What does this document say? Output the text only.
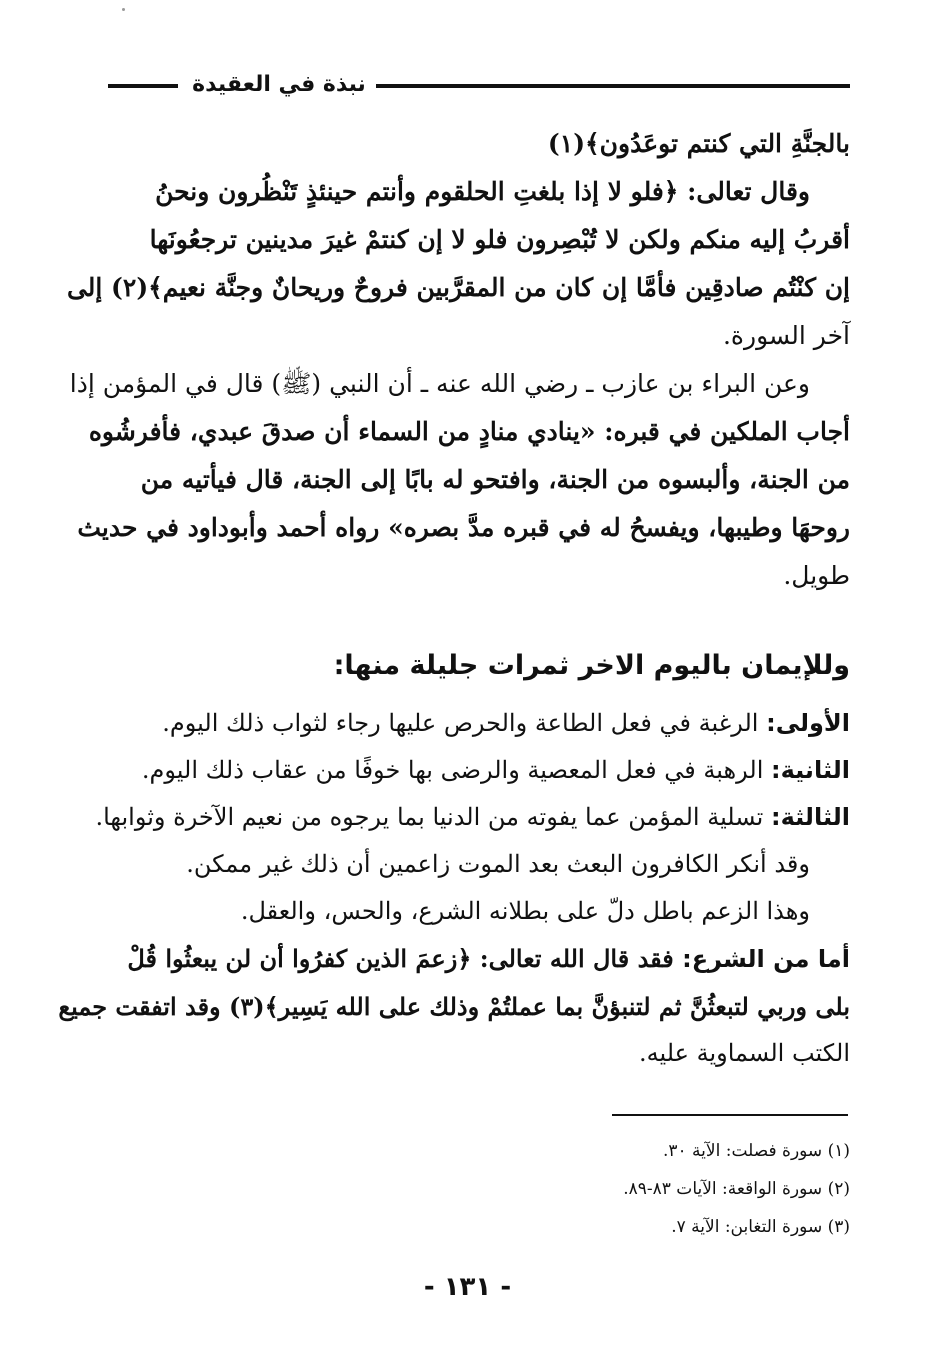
نبذة في العقيدة
بالجنَّةِ التي كنتم توعَدُون﴾(١)
وقال تعالى: ﴿فلو لا إذا بلغتِ الحلقوم وأنتم حينئذٍ تَنْظُرون ونحنُ
أقربُ إليه منكم ولكن لا تُبْصِرون فلو لا إن كنتمْ غيرَ مدينين ترجعُونَها
إن كنْتُم صادقِين فأمَّا إن كان من المقرَّبين فروحٌ وريحانٌ وجنَّة نعيم﴾(٢) إلى
آخر السورة.
وعن البراء بن عازب ـ رضي الله عنه ـ أن النبي (ﷺ) قال في المؤمن إذا
أجاب الملكين في قبره: «ينادي منادٍ من السماء أن صدقَ عبدي، فأفرشُوه
من الجنة، وألبسوه من الجنة، وافتحو له بابًا إلى الجنة، قال فيأتيه من
روحهَا وطيبها، ويفسحُ له في قبره مدَّ بصره» رواه أحمد وأبوداود في حديث
طويل.
وللإيمان باليوم الاخر ثمرات جليلة منها:
الأولى: الرغبة في فعل الطاعة والحرص عليها رجاء لثواب ذلك اليوم.
الثانية: الرهبة في فعل المعصية والرضى بها خوفًا من عقاب ذلك اليوم.
الثالثة: تسلية المؤمن عما يفوته من الدنيا بما يرجوه من نعيم الآخرة وثوابها.
وقد أنكر الكافرون البعث بعد الموت زاعمين أن ذلك غير ممكن.
وهذا الزعم باطل دلّ على بطلانه الشرع، والحس، والعقل.
أما من الشرع: فقد قال الله تعالى: ﴿زعمَ الذين كفرُوا أن لن يبعثُوا قُلْ
بلى وربي لتبعثُنَّ ثم لتنبؤنَّ بما عملتُمْ وذلك على الله يَسِير﴾(٣) وقد اتفقت جميع
الكتب السماوية عليه.
(١) سورة فصلت: الآية ٣٠.
(٢) سورة الواقعة: الآيات ٨٣-٨٩.
(٣) سورة التغابن: الآية ٧.
- ١٣١ -
